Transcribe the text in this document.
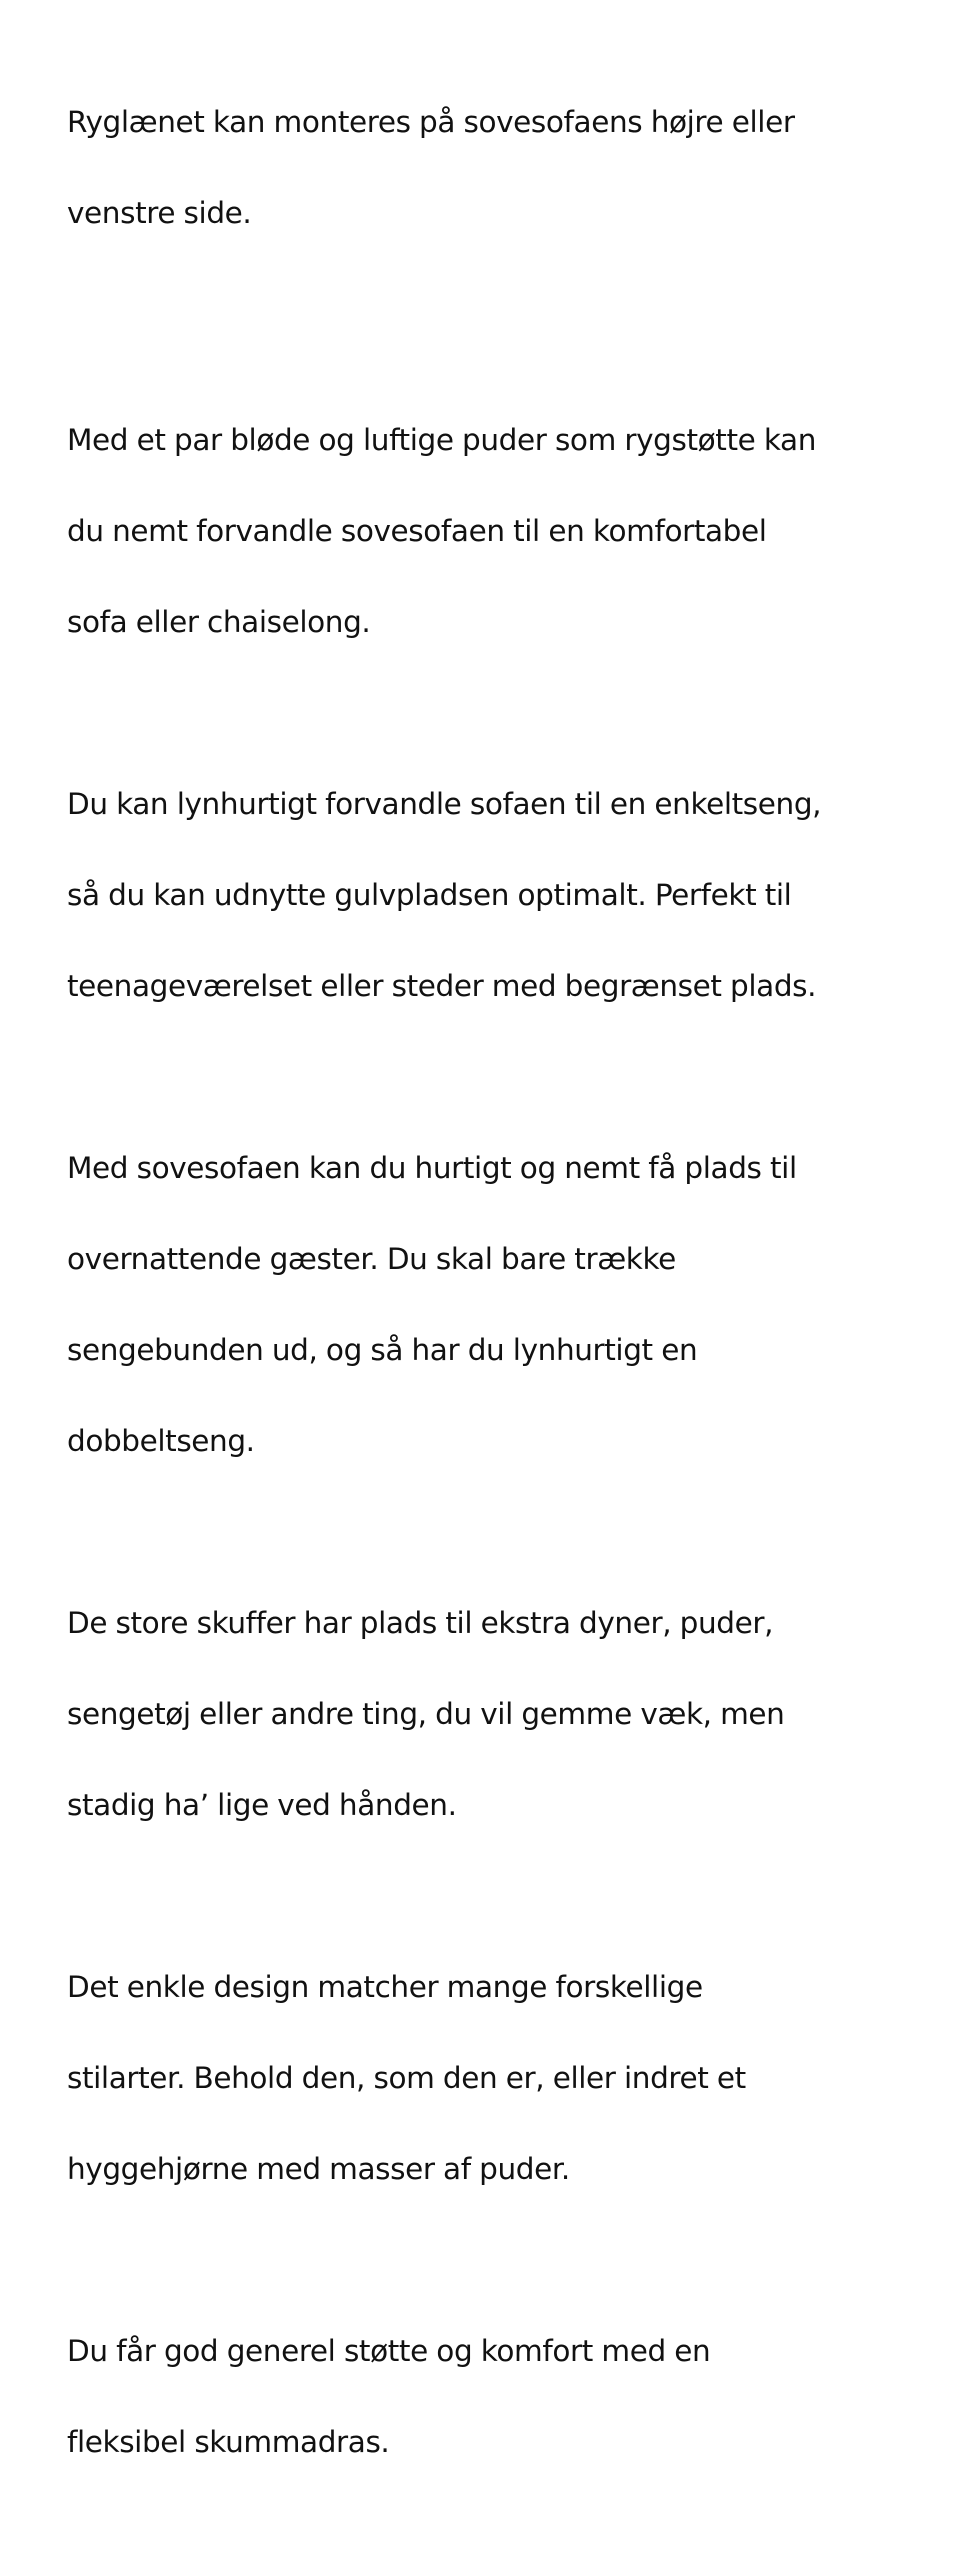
Ryglænet kan monteres på sovesofaens højre eller

venstre side.

Med et par bløde og luftige puder som rygstøtte kan

du nemt forvandle sovesofaen til en komfortabel

sofa eller chaiselong.

Du kan lynhurtigt forvandle sofaen til en enkeltseng,

så du kan udnytte gulvpladsen optimalt. Perfekt til

teenageværelset eller steder med begrænset plads.

Med sovesofaen kan du hurtigt og nemt få plads til

overnattende gæster. Du skal bare trække

sengebunden ud, og så har du lynhurtigt en

dobbeltseng.

De store skuffer har plads til ekstra dyner, puder,

sengetøj eller andre ting, du vil gemme væk, men

stadig ha’ lige ved hånden.

Det enkle design matcher mange forskellige

stilarter. Behold den, som den er, eller indret et

hyggehjørne med masser af puder.

Du får god generel støtte og komfort med en

fleksibel skummadras.
